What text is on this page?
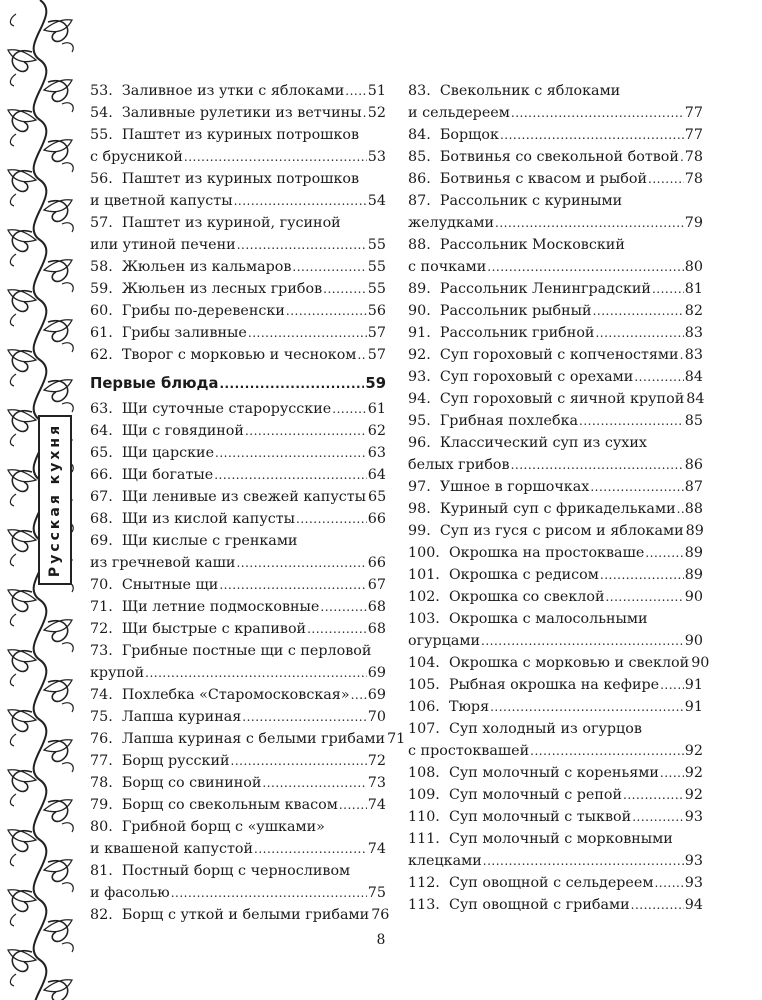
Русская кухня
53. Заливное из утки с яблоками ..... 51
54. Заливные рулетики из ветчины ..... 52
55. Паштет из куриных потрошков
с брусникой .....	53
56. Паштет из куриных потрошков
и цветной капусты .....	54
57. Паштет из куриной, гусиной
или утиной печени .....	55
58. Жюльен из кальмаров .....	55
59. Жюльен из лесных грибов .....	55
60. Грибы по-деревенски .....	56
61. Грибы заливные .....	57
62. Творог с морковью и чесноком ..... 57
Первые блюда .....	59
63. Щи суточные старорусские .....	61
64. Щи с говядиной .....	62
65. Щи царские .....	63
66. Щи богатые .....	64
67. Щи ленивые из свежей капусты 65
68. Щи из кислой капусты .....	66
69. Щи кислые с гренками
из гречневой каши .....	66
70. Снытные щи .....	67
71. Щи летние подмосковные .....	68
72. Щи быстрые с крапивой .....	68
73. Грибные постные щи с перловой
крупой .....	69
74. Похлебка «Старомосковская» ..... 69
75. Лапша куриная .....	70
76. Лапша куриная с белыми грибами 71
77. Борщ русский .....	72
78. Борщ со свининой .....	73
79. Борщ со свекольным квасом ..... 74
80. Грибной борщ с «ушками»
и квашеной капустой .....	74
81. Постный борщ с черносливом
и фасолью .....	75
82. Борщ с уткой и белыми грибами 76
83. Свекольник с яблоками
и сельдереем .....	77
84. Борщок .....	77
85. Ботвинья со свекольной ботвой ..... 78
86. Ботвинья с квасом и рыбой .....	78
87. Рассольник с куриными
желудками .....	79
88. Рассольник Московский
с почками .....	80
89. Рассольник Ленинградский ..... 81
90. Рассольник рыбный .....	82
91. Рассольник грибной .....	83
92. Суп гороховый с копченостями ..... 83
93. Суп гороховый с орехами .....	84
94. Суп гороховый с яичной крупой 84
95. Грибная похлебка .....	85
96. Классический суп из сухих
белых грибов .....	86
97. Ушное в горшочках .....	87
98. Куриный суп с фрикадельками ..... 88
99. Суп из гуся с рисом и яблоками 89
100. Окрошка на простокваше .....	89
101. Окрошка с редисом .....	89
102. Окрошка со свеклой .....	90
103. Окрошка с малосольными
огурцами .....	90
104. Окрошка с морковью и свеклой 90
105. Рыбная окрошка на кефире ..... 91
106. Тюря .....	91
107. Суп холодный из огурцов
с простоквашей .....	92
108. Суп молочный с кореньями ..... 92
109. Суп молочный с репой .....	92
110. Суп молочный с тыквой .....	93
111. Суп молочный с морковными
клецками .....	93
112. Суп овощной с сельдереем ..... 93
113. Суп овощной с грибами .....	94
8
